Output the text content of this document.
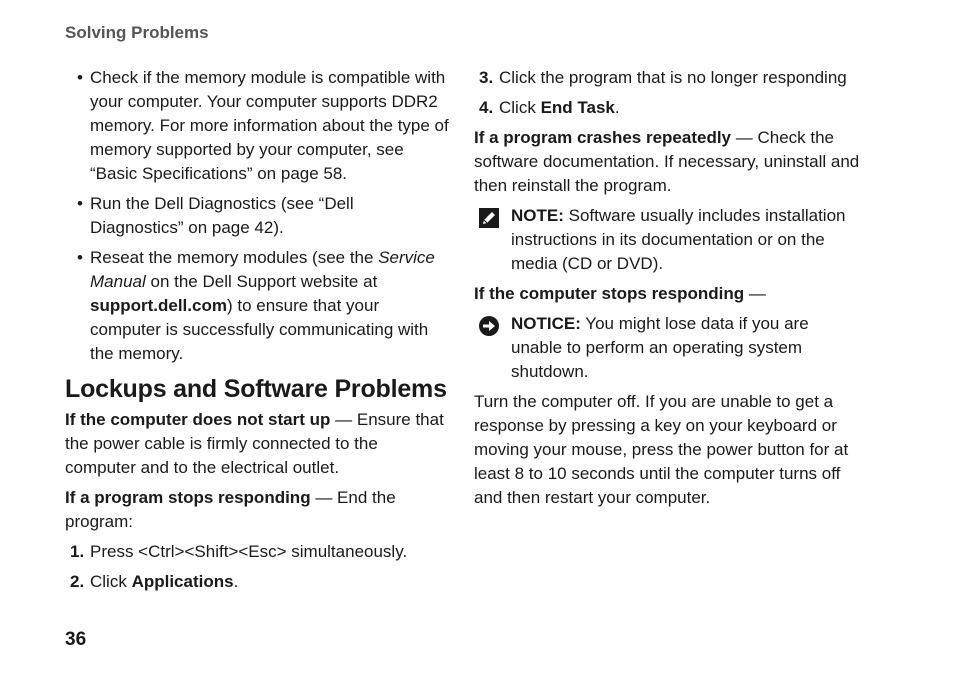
Solving Problems
• Check if the memory module is compatible with your computer. Your computer supports DDR2 memory. For more information about the type of memory supported by your computer, see “Basic Specifications” on page 58.
• Run the Dell Diagnostics (see “Dell Diagnostics” on page 42).
• Reseat the memory modules (see the Service Manual on the Dell Support website at support.dell.com) to ensure that your computer is successfully communicating with the memory.
Lockups and Software Problems

If the computer does not start up — Ensure that the power cable is firmly connected to the computer and to the electrical outlet.

If a program stops responding — End the program:

1. Press <Ctrl><Shift><Esc> simultaneously.
2. Click Applications.
3. Click the program that is no longer responding
4. Click End Task.

If a program crashes repeatedly — Check the software documentation. If necessary, uninstall and then reinstall the program.

NOTE: Software usually includes installation instructions in its documentation or on the media (CD or DVD).

If the computer stops responding —

NOTICE: You might lose data if you are unable to perform an operating system shutdown.

Turn the computer off. If you are unable to get a response by pressing a key on your keyboard or moving your mouse, press the power button for at least 8 to 10 seconds until the computer turns off and then restart your computer.

36
